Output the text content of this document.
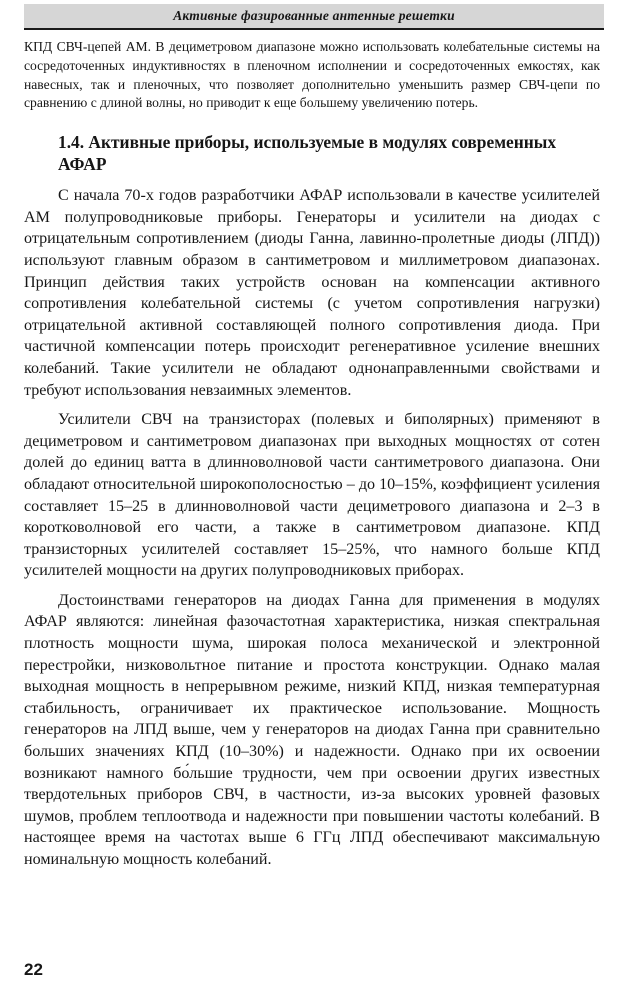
Активные фазированные антенные решетки

КПД СВЧ-цепей АМ. В дециметровом диапазоне можно использовать колебательные системы на сосредоточенных индуктивностях в пленочном исполнении и сосредоточенных емкостях, как навесных, так и пленочных, что позволяет дополнительно уменьшить размер СВЧ-цепи по сравнению с длиной волны, но приводит к еще большему увеличению потерь.

1.4. Активные приборы, используемые в модулях современных АФАР

С начала 70-х годов разработчики АФАР использовали в качестве усилителей АМ полупроводниковые приборы. Генераторы и усилители на диодах с отрицательным сопротивлением (диоды Ганна, лавинно-пролетные диоды (ЛПД)) используют главным образом в сантиметровом и миллиметровом диапазонах. Принцип действия таких устройств основан на компенсации активного сопротивления колебательной системы (с учетом сопротивления нагрузки) отрицательной активной составляющей полного сопротивления диода. При частичной компенсации потерь происходит регенеративное усиление внешних колебаний. Такие усилители не обладают однонаправленными свойствами и требуют использования невзаимных элементов.

Усилители СВЧ на транзисторах (полевых и биполярных) применяют в дециметровом и сантиметровом диапазонах при выходных мощностях от сотен долей до единиц ватта в длинноволновой части сантиметрового диапазона. Они обладают относительной широкополосностью – до 10–15%, коэффициент усиления составляет 15–25 в длинноволновой части дециметрового диапазона и 2–3 в коротковолновой его части, а также в сантиметровом диапазоне. КПД транзисторных усилителей составляет 15–25%, что намного больше КПД усилителей мощности на других полупроводниковых приборах.

Достоинствами генераторов на диодах Ганна для применения в модулях АФАР являются: линейная фазочастотная характеристика, низкая спектральная плотность мощности шума, широкая полоса механической и электронной перестройки, низковольтное питание и простота конструкции. Однако малая выходная мощность в непрерывном режиме, низкий КПД, низкая температурная стабильность, ограничивает их практическое использование. Мощность генераторов на ЛПД выше, чем у генераторов на диодах Ганна при сравнительно больших значениях КПД (10–30%) и надежности. Однако при их освоении возникают намного бо́льшие трудности, чем при освоении других известных твердотельных приборов СВЧ, в частности, из-за высоких уровней фазовых шумов, проблем теплоотвода и надежности при повышении частоты колебаний. В настоящее время на частотах выше 6 ГГц ЛПД обеспечивают максимальную номинальную мощность колебаний.

22
